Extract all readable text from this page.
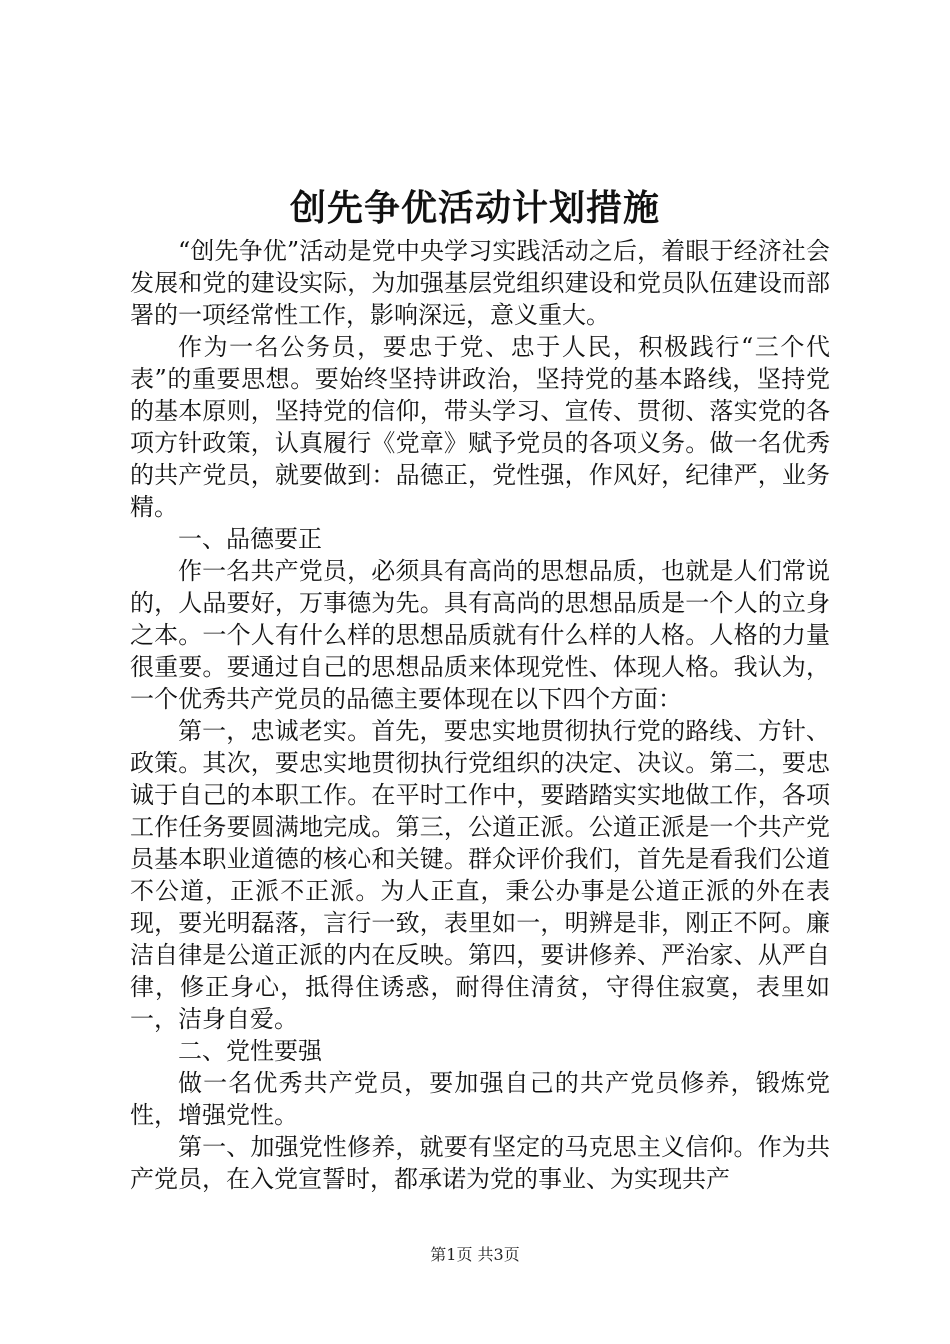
创先争优活动计划措施

“创先争优”活动是党中央学习实践活动之后，着眼于经济社会发展和党的建设实际，为加强基层党组织建设和党员队伍建设而部署的一项经常性工作，影响深远，意义重大。

作为一名公务员，要忠于党、忠于人民，积极践行“三个代表”的重要思想。要始终坚持讲政治，坚持党的基本路线，坚持党的基本原则，坚持党的信仰，带头学习、宣传、贯彻、落实党的各项方针政策，认真履行《党章》赋予党员的各项义务。做一名优秀的共产党员，就要做到：品德正，党性强，作风好，纪律严，业务精。

一、品德要正

作一名共产党员，必须具有高尚的思想品质，也就是人们常说的，人品要好，万事德为先。具有高尚的思想品质是一个人的立身之本。一个人有什么样的思想品质就有什么样的人格。人格的力量很重要。要通过自己的思想品质来体现党性、体现人格。我认为，一个优秀共产党员的品德主要体现在以下四个方面：

第一，忠诚老实。首先，要忠实地贯彻执行党的路线、方针、政策。其次，要忠实地贯彻执行党组织的决定、决议。第二，要忠诚于自己的本职工作。在平时工作中，要踏踏实实地做工作，各项工作任务要圆满地完成。第三，公道正派。公道正派是一个共产党员基本职业道德的核心和关键。群众评价我们，首先是看我们公道不公道，正派不正派。为人正直，秉公办事是公道正派的外在表现，要光明磊落，言行一致，表里如一，明辨是非，刚正不阿。廉洁自律是公道正派的内在反映。第四，要讲修养、严治家、从严自律，修正身心，抵得住诱惑，耐得住清贫，守得住寂寞，表里如一，洁身自爱。

二、党性要强

做一名优秀共产党员，要加强自己的共产党员修养，锻炼党性，增强党性。

第一、加强党性修养，就要有坚定的马克思主义信仰。作为共产党员，在入党宣誓时，都承诺为党的事业、为实现共产

第1页 共3页
